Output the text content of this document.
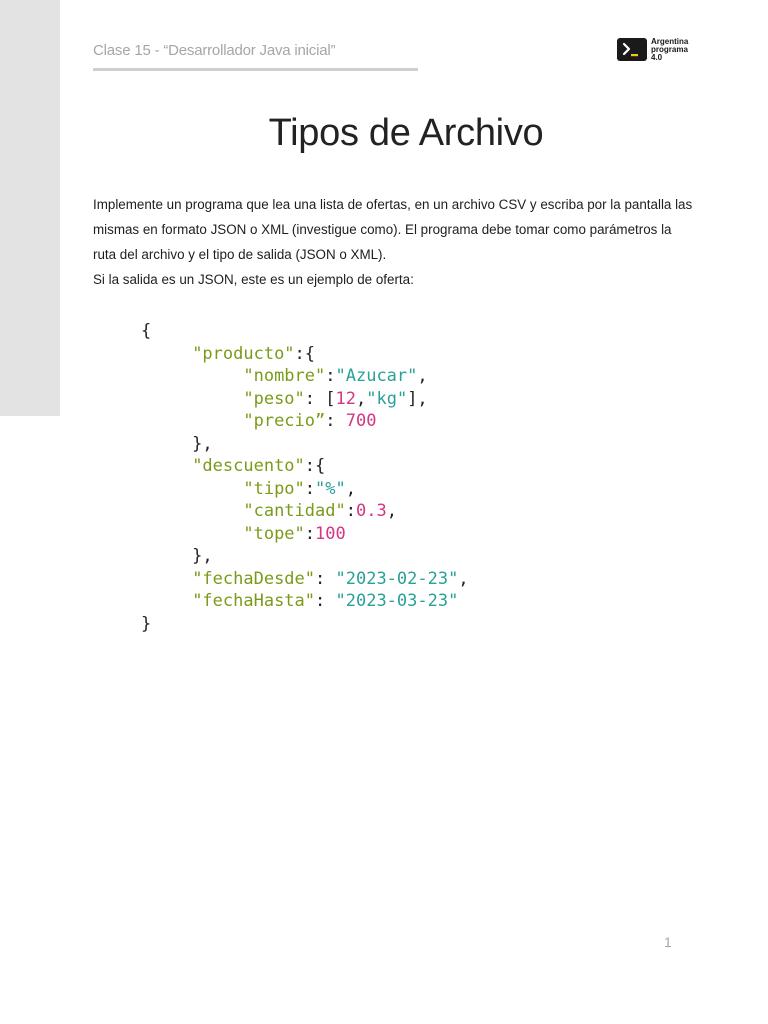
Clase 15 - “Desarrollador Java inicial”
Argentina
programa
4.0
Tipos de Archivo

Implemente un programa que lea una lista de ofertas, en un archivo CSV y escriba por la pantalla las mismas en formato JSON o XML (investigue como). El programa debe tomar como parámetros la ruta del archivo y el tipo de salida (JSON o XML).

Si la salida es un JSON, este es un ejemplo de oferta:

{
"producto":{
"nombre":"Azucar",
"peso": [12,"kg"],
"precio”: 700
},
"descuento":{
"tipo":"%",
"cantidad":0.3,
"tope":100
},
"fechaDesde": "2023-02-23",
"fechaHasta": "2023-03-23"
}
1
